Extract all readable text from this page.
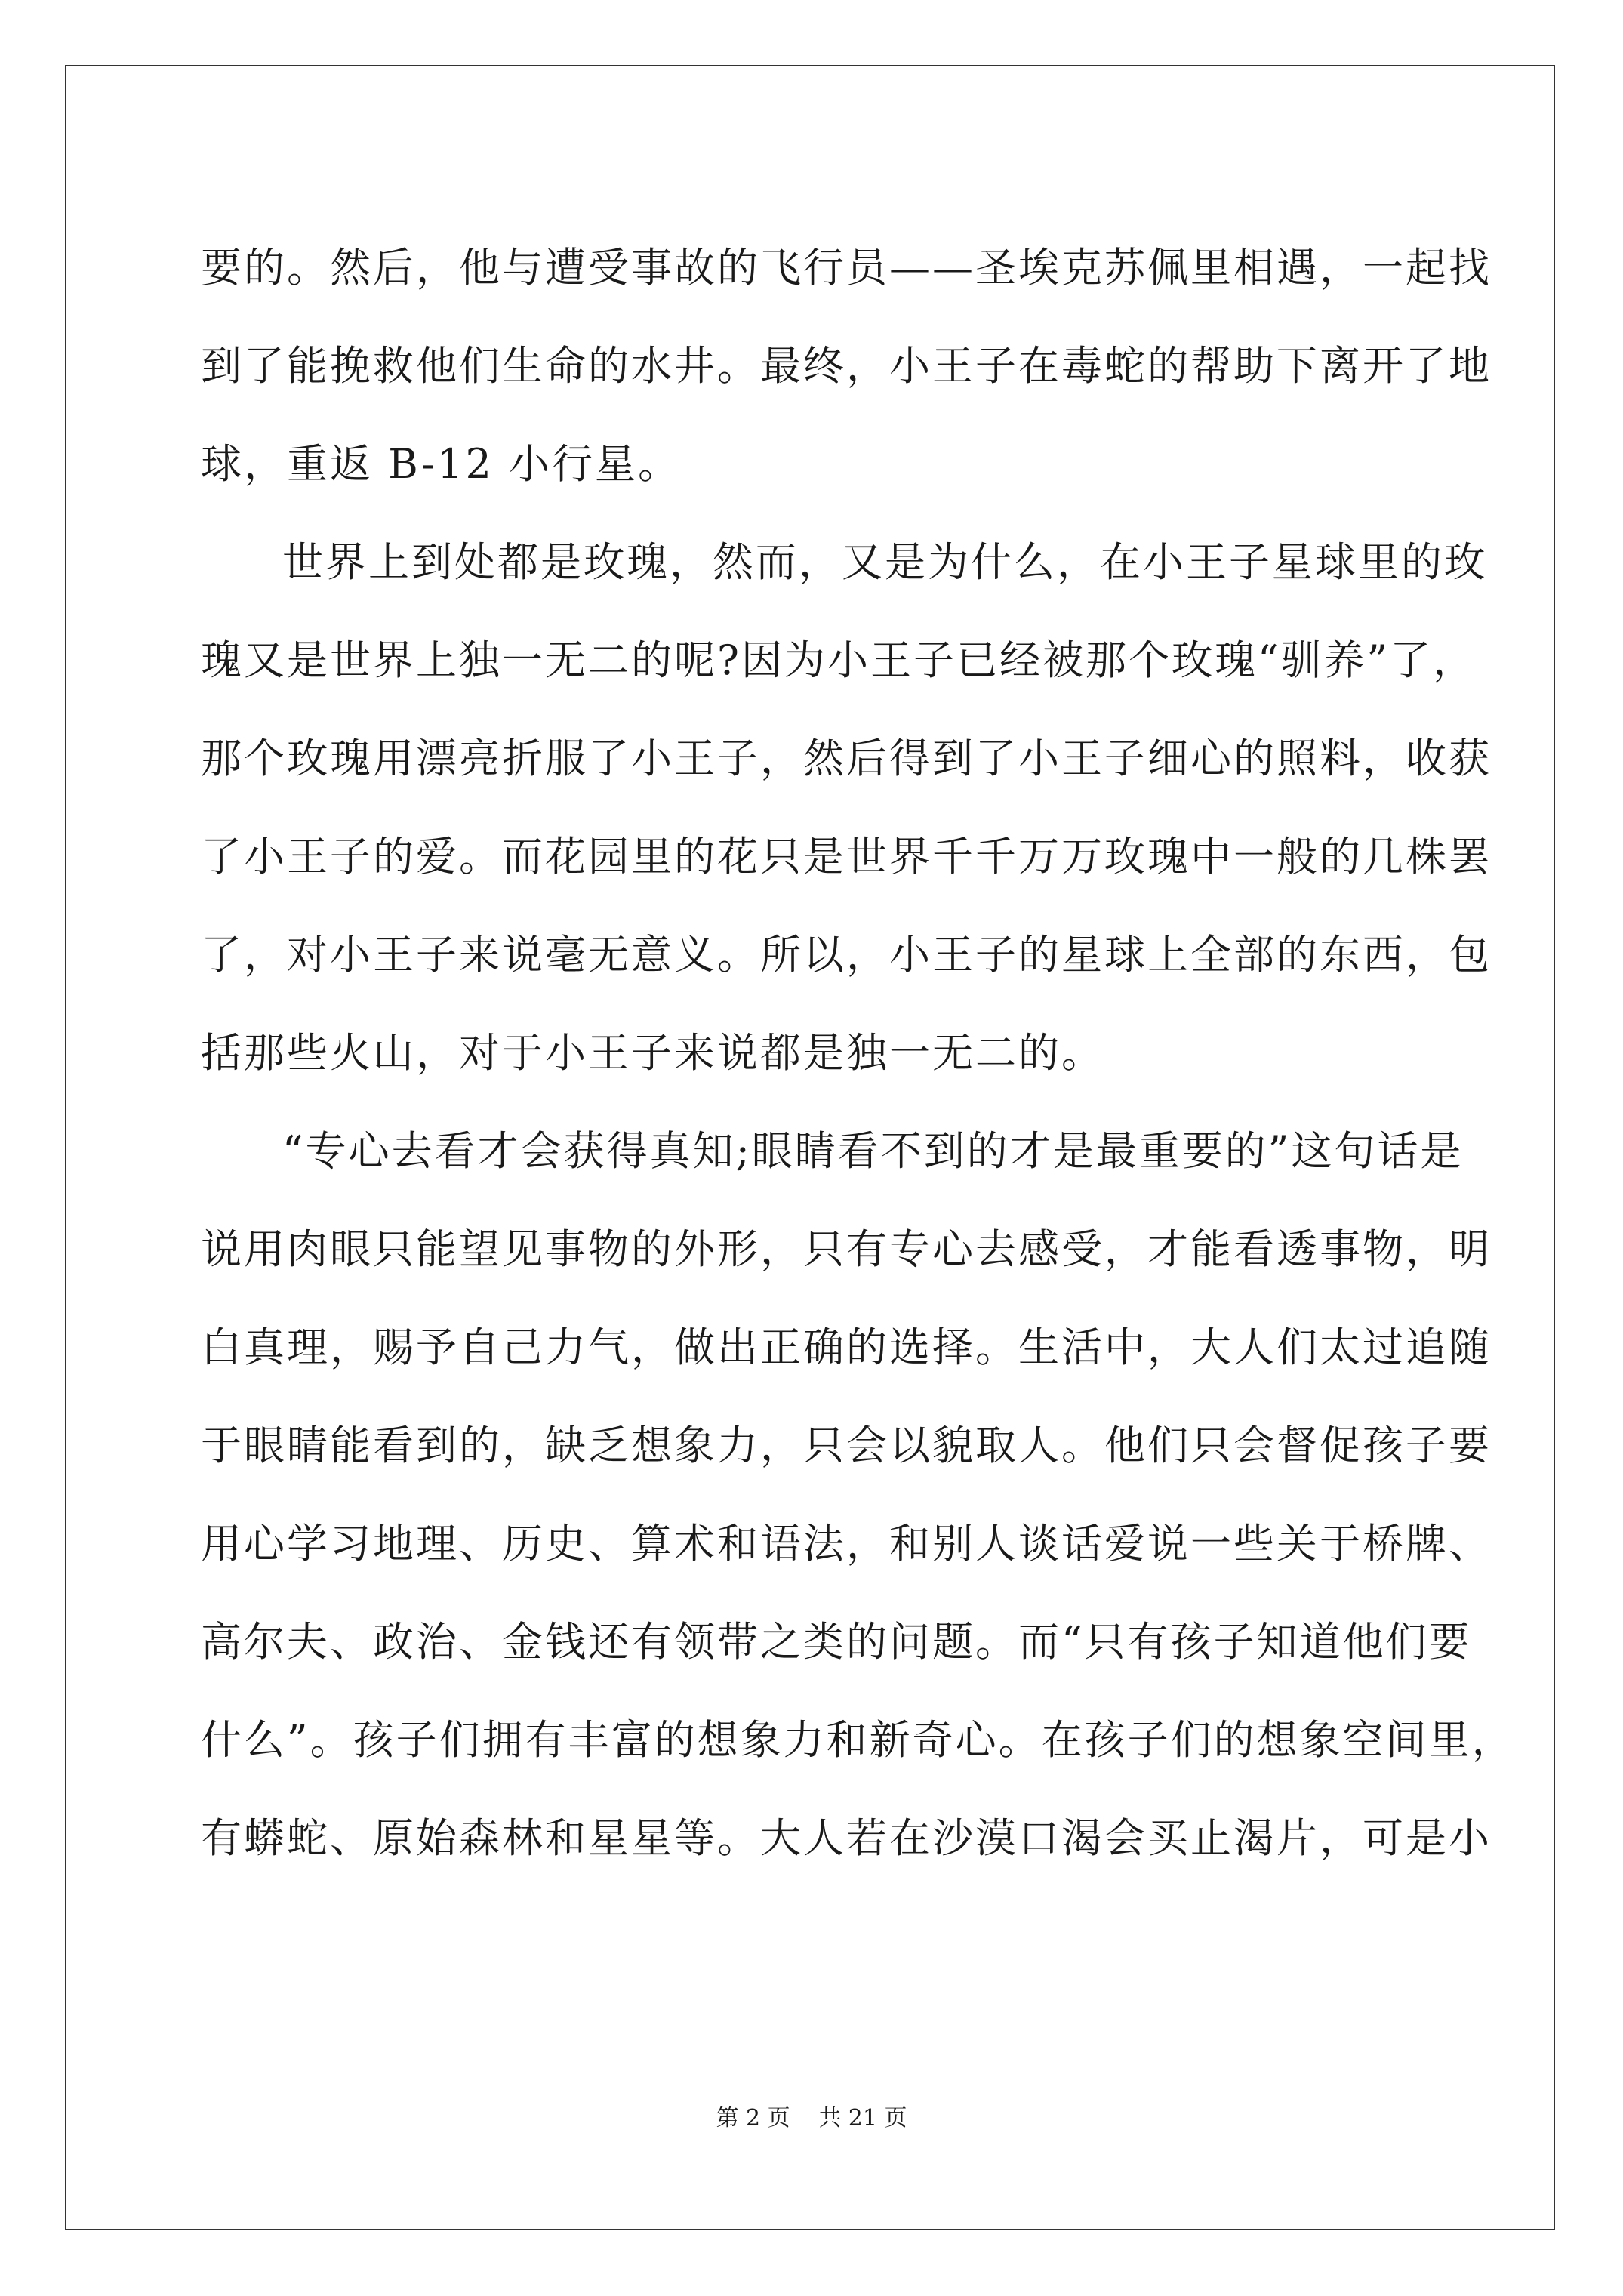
要的。然后，他与遭受事故的飞行员——圣埃克苏佩里相遇，一起找
到了能挽救他们生命的水井。最终，小王子在毒蛇的帮助下离开了地
球，重返 B-12 小行星。
世界上到处都是玫瑰，然而，又是为什么，在小王子星球里的玫
瑰又是世界上独一无二的呢?因为小王子已经被那个玫瑰“驯养”了，
那个玫瑰用漂亮折服了小王子，然后得到了小王子细心的照料，收获
了小王子的爱。而花园里的花只是世界千千万万玫瑰中一般的几株罢
了，对小王子来说毫无意义。所以，小王子的星球上全部的东西，包
括那些火山，对于小王子来说都是独一无二的。
“专心去看才会获得真知;眼睛看不到的才是最重要的”这句话是
说用肉眼只能望见事物的外形，只有专心去感受，才能看透事物，明
白真理，赐予自己力气，做出正确的选择。生活中，大人们太过追随
于眼睛能看到的，缺乏想象力，只会以貌取人。他们只会督促孩子要
用心学习地理、历史、算术和语法，和别人谈话爱说一些关于桥牌、
高尔夫、政治、金钱还有领带之类的问题。而“只有孩子知道他们要
什么”。孩子们拥有丰富的想象力和新奇心。在孩子们的想象空间里，
有蟒蛇、原始森林和星星等。大人若在沙漠口渴会买止渴片，可是小
第 2 页 共 21 页
